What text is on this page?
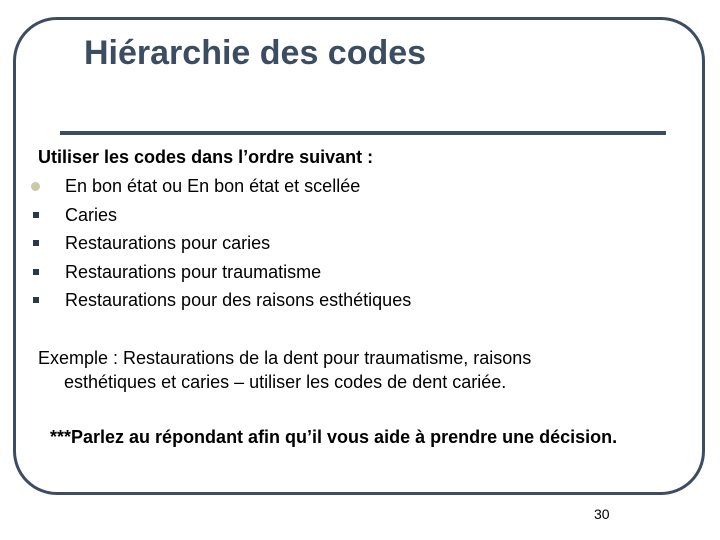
Hiérarchie des codes
Utiliser les codes dans l’ordre suivant :
En bon état ou En bon état et scellée
Caries
Restaurations pour caries
Restaurations pour traumatisme
Restaurations pour des raisons esthétiques
Exemple : Restaurations de la dent pour traumatisme, raisons
esthétiques et caries – utiliser les codes de dent cariée.
***Parlez au répondant afin qu’il vous aide à prendre une décision.
30
